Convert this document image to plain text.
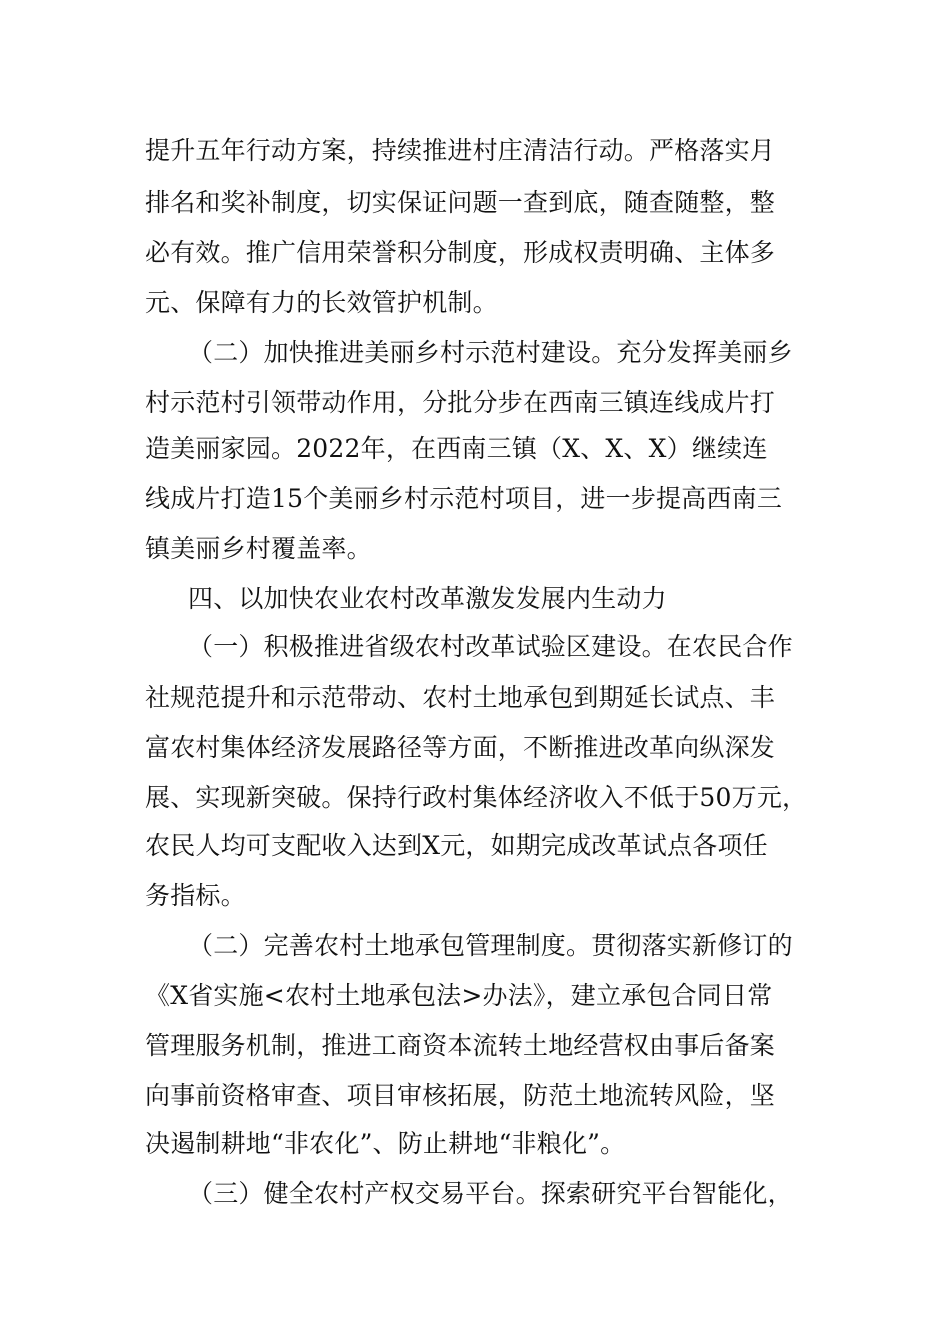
提升五年行动方案，持续推进村庄清洁行动。严格落实月
排名和奖补制度，切实保证问题一查到底，随查随整，整
必有效。推广信用荣誉积分制度，形成权责明确、主体多
元、保障有力的长效管护机制。
（二）加快推进美丽乡村示范村建设。充分发挥美丽乡
村示范村引领带动作用，分批分步在西南三镇连线成片打
造美丽家园。2022年，在西南三镇（X、X、X）继续连
线成片打造15个美丽乡村示范村项目，进一步提高西南三
镇美丽乡村覆盖率。
四、以加快农业农村改革激发发展内生动力
（一）积极推进省级农村改革试验区建设。在农民合作
社规范提升和示范带动、农村土地承包到期延长试点、丰
富农村集体经济发展路径等方面，不断推进改革向纵深发
展、实现新突破。保持行政村集体经济收入不低于50万元，
农民人均可支配收入达到X元，如期完成改革试点各项任
务指标。
（二）完善农村土地承包管理制度。贯彻落实新修订的
《X省实施<农村土地承包法>办法》，建立承包合同日常
管理服务机制，推进工商资本流转土地经营权由事后备案
向事前资格审查、项目审核拓展，防范土地流转风险，坚
决遏制耕地“非农化”、防止耕地“非粮化”。
（三）健全农村产权交易平台。探索研究平台智能化，
